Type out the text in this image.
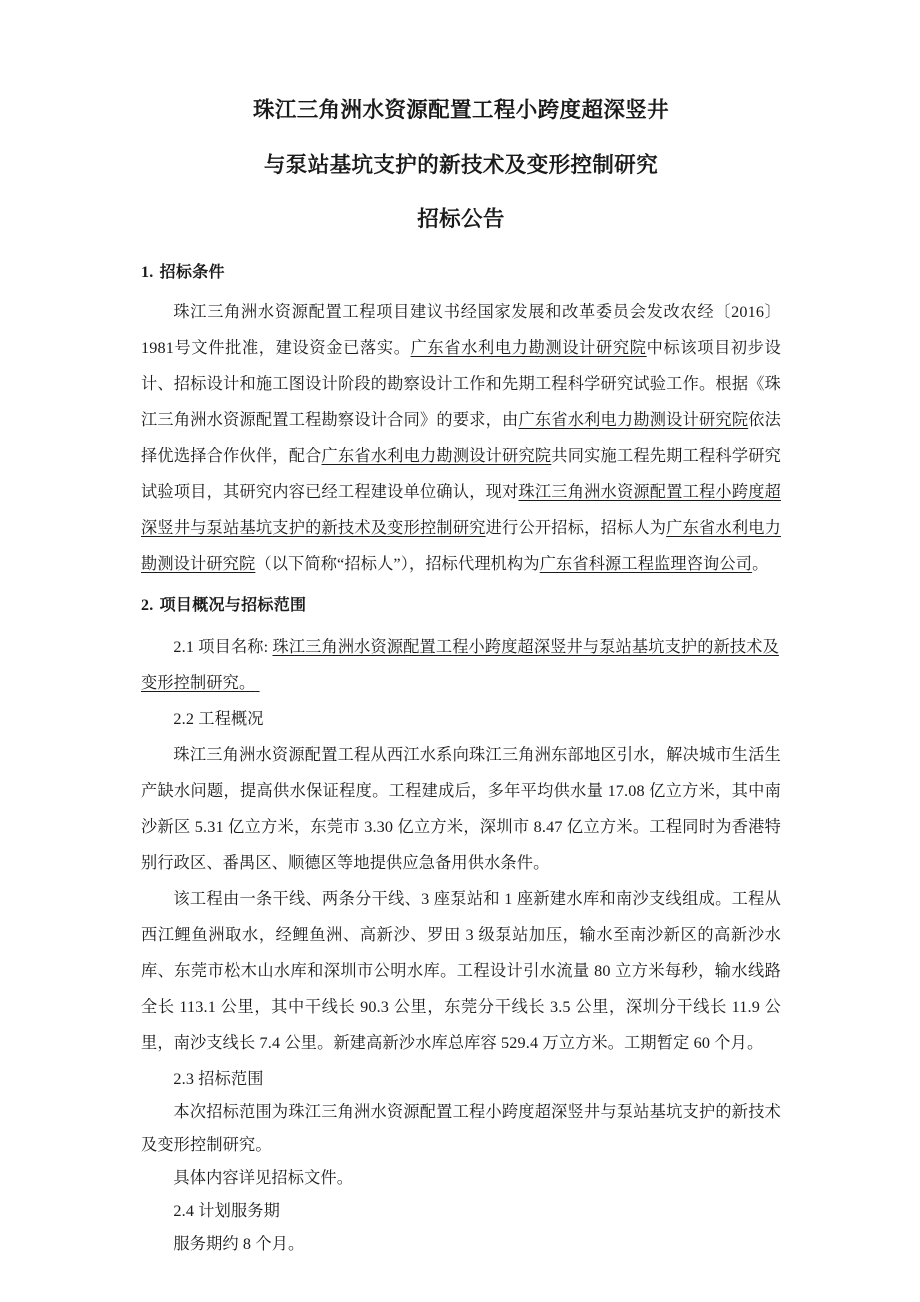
珠江三角洲水资源配置工程小跨度超深竖井
与泵站基坑支护的新技术及变形控制研究
招标公告
1. 招标条件

珠江三角洲水资源配置工程项目建议书经国家发展和改革委员会发改农经〔2016〕1981号文件批准，建设资金已落实。广东省水利电力勘测设计研究院中标该项目初步设计、招标设计和施工图设计阶段的勘察设计工作和先期工程科学研究试验工作。根据《珠江三角洲水资源配置工程勘察设计合同》的要求，由广东省水利电力勘测设计研究院依法择优选择合作伙伴，配合广东省水利电力勘测设计研究院共同实施工程先期工程科学研究试验项目，其研究内容已经工程建设单位确认，现对珠江三角洲水资源配置工程小跨度超深竖井与泵站基坑支护的新技术及变形控制研究进行公开招标，招标人为广东省水利电力勘测设计研究院（以下简称“招标人”），招标代理机构为广东省科源工程监理咨询公司。

2. 项目概况与招标范围

2.1 项目名称: 珠江三角洲水资源配置工程小跨度超深竖井与泵站基坑支护的新技术及变形控制研究。

2.2 工程概况

珠江三角洲水资源配置工程从西江水系向珠江三角洲东部地区引水，解决城市生活生产缺水问题，提高供水保证程度。工程建成后，多年平均供水量 17.08 亿立方米，其中南沙新区 5.31 亿立方米，东莞市 3.30 亿立方米，深圳市 8.47 亿立方米。工程同时为香港特别行政区、番禺区、顺德区等地提供应急备用供水条件。

该工程由一条干线、两条分干线、3 座泵站和 1 座新建水库和南沙支线组成。工程从西江鲤鱼洲取水，经鲤鱼洲、高新沙、罗田 3 级泵站加压，输水至南沙新区的高新沙水库、东莞市松木山水库和深圳市公明水库。工程设计引水流量 80 立方米每秒，输水线路全长 113.1 公里，其中干线长 90.3 公里，东莞分干线长 3.5 公里，深圳分干线长 11.9 公里，南沙支线长 7.4 公里。新建高新沙水库总库容 529.4 万立方米。工期暂定 60 个月。

2.3 招标范围

本次招标范围为珠江三角洲水资源配置工程小跨度超深竖井与泵站基坑支护的新技术及变形控制研究。

具体内容详见招标文件。

2.4 计划服务期

服务期约 8 个月。
